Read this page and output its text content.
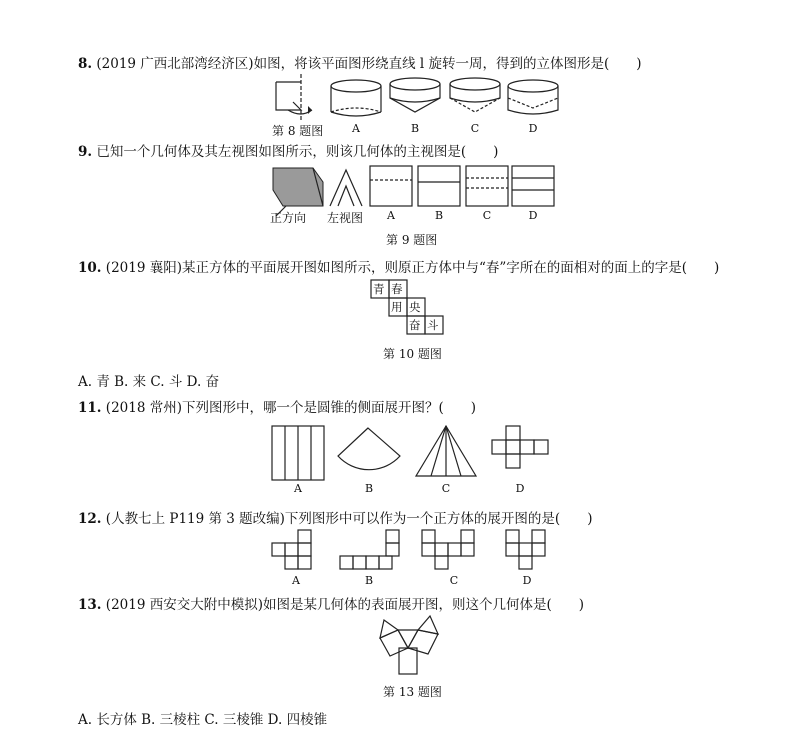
8. (2019 广西北部湾经济区)如图，将该平面图形绕直线 l 旋转一周，得到的立体图形是(　　)
第 8 题图	A	B	C	D
9. 已知一个几何体及其左视图如图所示，则该几何体的主视图是(　　)
正方向 左视图	A	B	C	D
第 9 题图
10. (2019 襄阳)某正方体的平面展开图如图所示，则原正方体中与“春”字所在的面相对的面上的字是(　　)
青 春
用 央
奋 斗
第 10 题图
A. 青 B. 来 C. 斗 D. 奋
11. (2018 常州)下列图形中，哪一个是圆锥的侧面展开图？(　　)
A	B	C	D
12. (人教七上 P119 第 3 题改编)下列图形中可以作为一个正方体的展开图的是(　　)
A	B	C	D
13. (2019 西安交大附中模拟)如图是某几何体的表面展开图，则这个几何体是(　　)
第 13 题图
A. 长方体 B. 三棱柱 C. 三棱锥 D. 四棱锥
